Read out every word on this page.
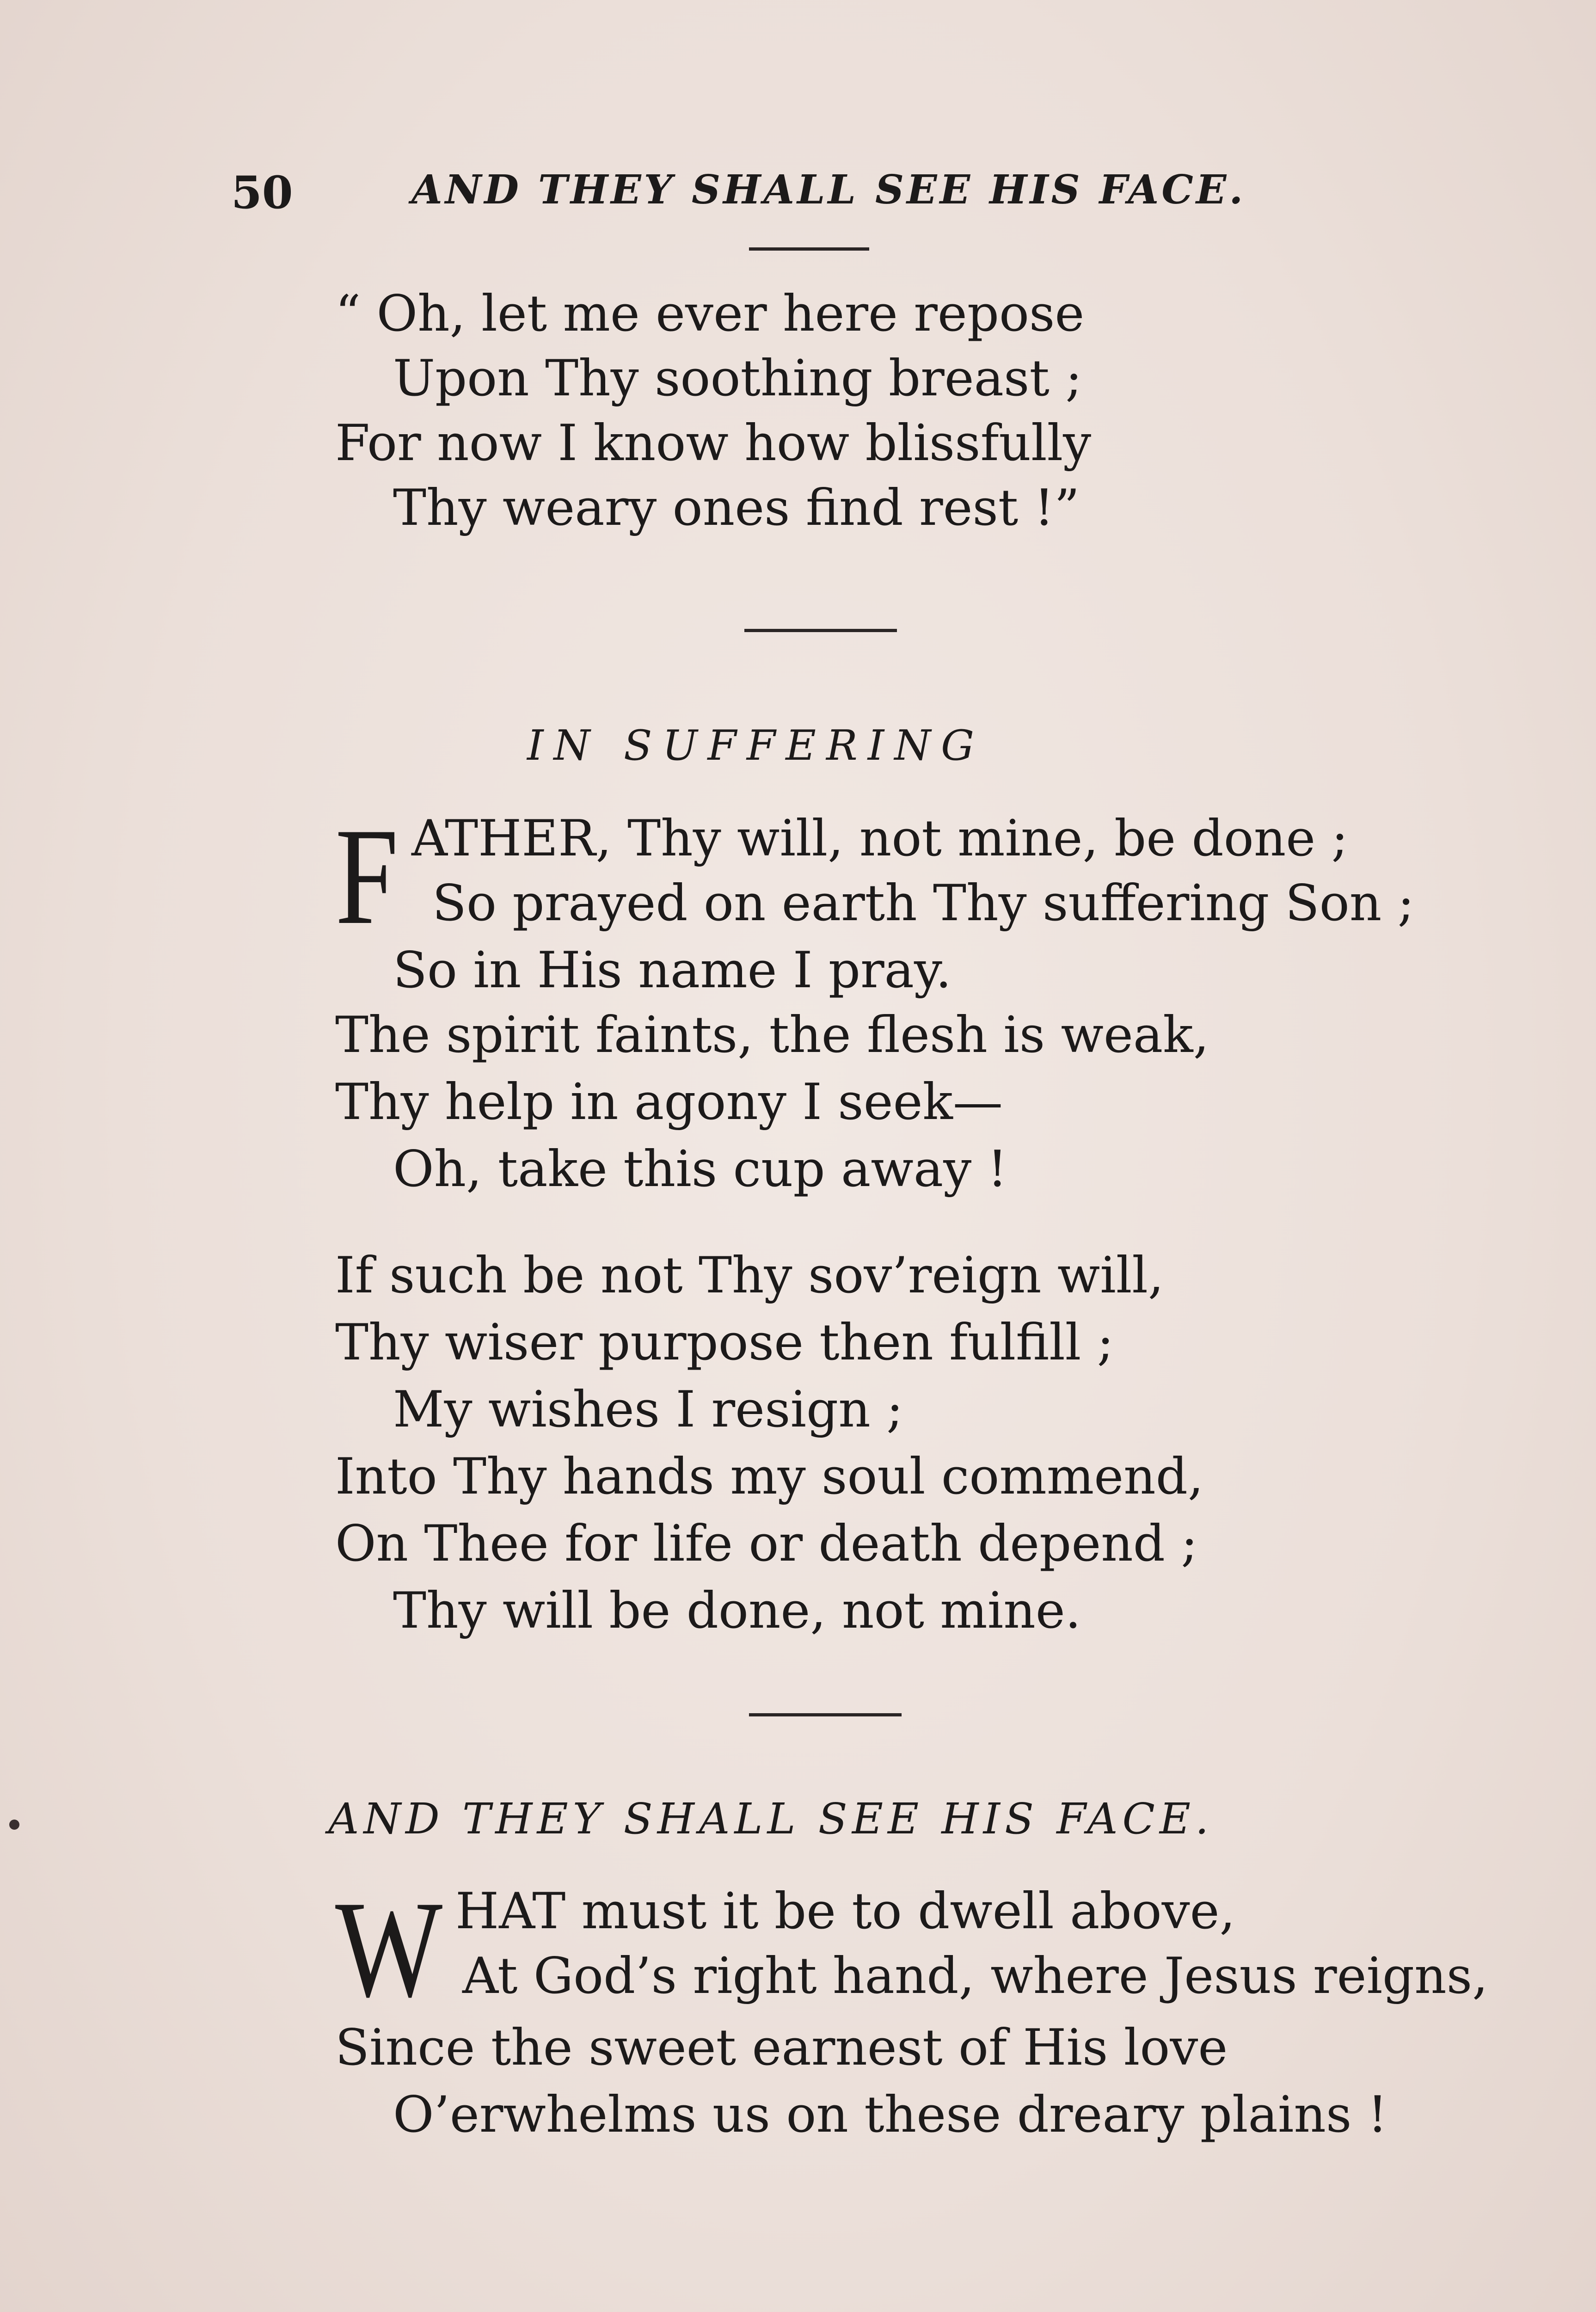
50	AND THEY SHALL SEE HIS FACE.
“ Oh, let me ever here repose
Upon Thy soothing breast ;
For now I know how blissfully
Thy weary ones find rest !”
IN SUFFERING
F ATHER, Thy will, not mine, be done ;
So prayed on earth Thy suffering Son ;
So in His name I pray.
The spirit faints, the flesh is weak,
Thy help in agony I seek—
Oh, take this cup away !
If such be not Thy sov’reign will,
Thy wiser purpose then fulfill ;
My wishes I resign ;
Into Thy hands my soul commend,
On Thee for life or death depend ;
Thy will be done, not mine.
AND THEY SHALL SEE HIS FACE.
W HAT must it be to dwell above,
At God’s right hand, where Jesus reigns,
Since the sweet earnest of His love
O’erwhelms us on these dreary plains !
